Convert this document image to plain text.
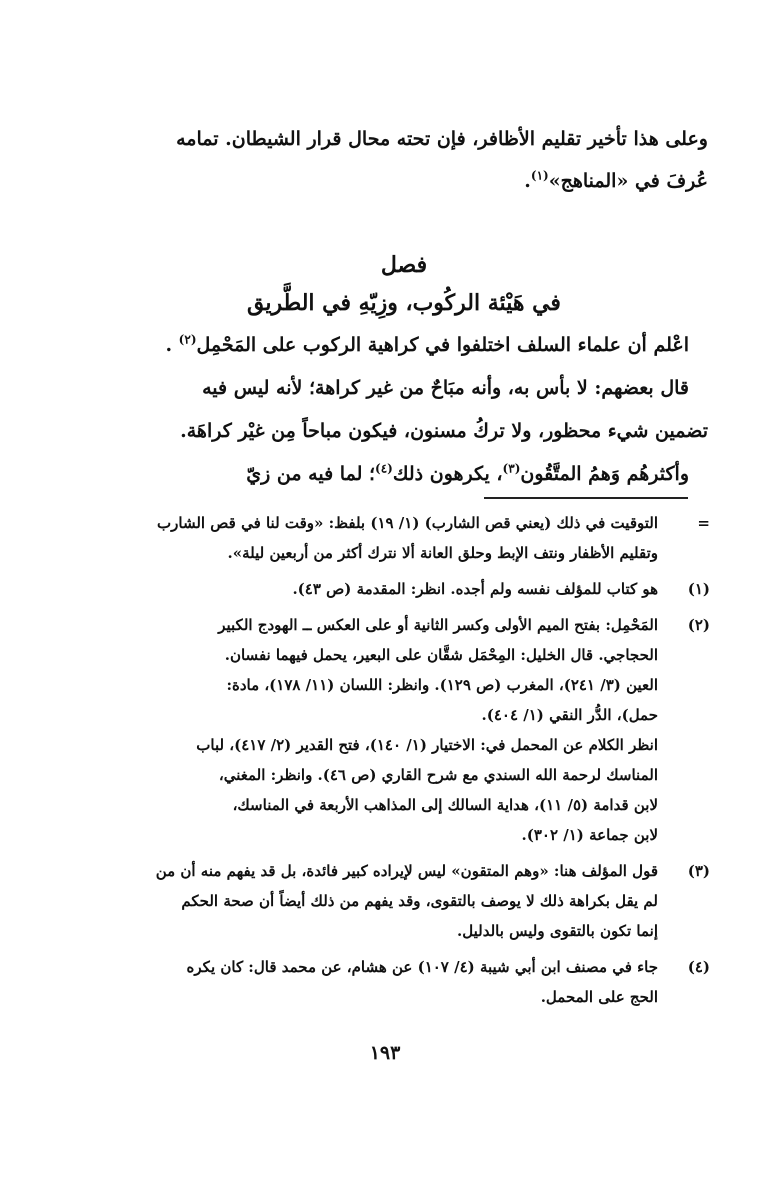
وعلى هذا تأخير تقليم الأظافر، فإن تحته محال قرار الشيطان. تمامه
عُرفَ في «المناهج»$^{(١)}$.
فصل
في هَيْئة الركُوب، وزِيّهِ في الطَّريق
 اعْلم أن علماء السلف اختلفوا في كراهية الركوب على المَحْمِل$^{(٢)}$ .
 قال بعضهم: لا بأس به، وأنه مبَاحٌ من غير كراهة؛ لأنه ليس فيه
تضمين شيء محظور، ولا تركُ مسنون، فيكون مباحاً مِن غيْر كراهَة.
 وأكثرهُم وَهمُ المتَّقُون$^{(٣)}$، يكرهون ذلك$^{(٤)}$؛ لما فيه من زيّ
=
التوقيت في ذلك (يعني قص الشارب) (١/ ١٩) بلفظ: «وقت لنا في قص الشارب
وتقليم الأظفار ونتف الإبط وحلق العانة ألا نترك أكثر من أربعين ليلة».
(١)
هو كتاب للمؤلف نفسه ولم أجده. انظر: المقدمة (ص ٤٣).
(٢)
المَحْمِل: بفتح الميم الأولى وكسر الثانية أو على العكس ــ الهودج الكبير
الحجاجي. قال الخليل: المِحْمَل شقَّان على البعير، يحمل فيهما نفسان.
العين (٣/ ٢٤١)، المغرب (ص ١٢٩). وانظر: اللسان (١١/ ١٧٨)، مادة:
حمل)، الدُّر النقي (١/ ٤٠٤).
انظر الكلام عن المحمل في: الاختيار (١/ ١٤٠)، فتح القدير (٢/ ٤١٧)، لباب
المناسك لرحمة الله السندي مع شرح القاري (ص ٤٦). وانظر: المغني،
لابن قدامة (٥/ ١١)، هداية السالك إلى المذاهب الأربعة في المناسك،
لابن جماعة (١/ ٣٠٢).
(٣)
قول المؤلف هنا: «وهم المتقون» ليس لإيراده كبير فائدة، بل قد يفهم منه أن من
لم يقل بكراهة ذلك لا يوصف بالتقوى، وقد يفهم من ذلك أيضاً أن صحة الحكم
إنما تكون بالتقوى وليس بالدليل.
(٤)
جاء في مصنف ابن أبي شيبة (٤/ ١٠٧) عن هشام، عن محمد قال: كان يكره
الحج على المحمل.
١٩٣
